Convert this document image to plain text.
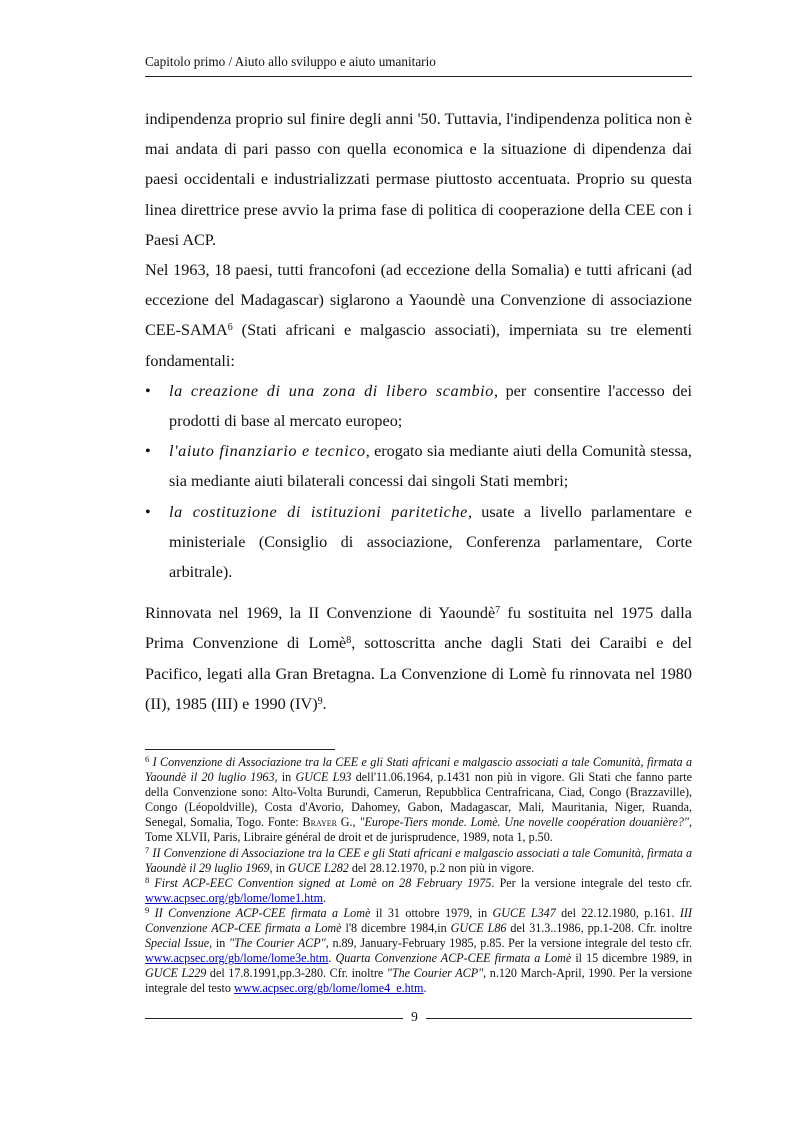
Capitolo primo / Aiuto allo sviluppo e aiuto umanitario

indipendenza proprio sul finire degli anni '50. Tuttavia, l'indipendenza politica non è mai andata di pari passo con quella economica e la situazione di dipendenza dai paesi occidentali e industrializzati permase piuttosto accentuata. Proprio su questa linea direttrice prese avvio la prima fase di politica di cooperazione della CEE con i Paesi ACP.

Nel 1963, 18 paesi, tutti francofoni (ad eccezione della Somalia) e tutti africani (ad eccezione del Madagascar) siglarono a Yaoundè una Convenzione di associazione CEE-SAMA$^6$ (Stati africani e malgascio associati), imperniata su tre elementi fondamentali:

• la creazione di una zona di libero scambio, per consentire l'accesso dei prodotti di base al mercato europeo;
• l'aiuto finanziario e tecnico, erogato sia mediante aiuti della Comunità stessa, sia mediante aiuti bilaterali concessi dai singoli Stati membri;
• la costituzione di istituzioni paritetiche, usate a livello parlamentare e ministeriale (Consiglio di associazione, Conferenza parlamentare, Corte arbitrale).

Rinnovata nel 1969, la II Convenzione di Yaoundè$^7$ fu sostituita nel 1975 dalla Prima Convenzione di Lomè$^8$, sottoscritta anche dagli Stati dei Caraibi e del Pacifico, legati alla Gran Bretagna. La Convenzione di Lomè fu rinnovata nel 1980 (II), 1985 (III) e 1990 (IV)$^9$.

$^6$ I Convenzione di Associazione tra la CEE e gli Stati africani e malgascio associati a tale Comunità, firmata a Yaoundè il 20 luglio 1963, in GUCE L93 dell'11.06.1964, p.1431 non più in vigore. Gli Stati che fanno parte della Convenzione sono: Alto-Volta Burundi, Camerun, Repubblica Centrafricana, Ciad, Congo (Brazzaville), Congo (Léopoldville), Costa d'Avorio, Dahomey, Gabon, Madagascar, Mali, Mauritania, Niger, Ruanda, Senegal, Somalia, Togo. Fonte: Brayer G., "Europe-Tiers monde. Lomè. Une novelle coopération douanière?", Tome XLVII, Paris, Libraire général de droit et de jurisprudence, 1989, nota 1, p.50.

$^7$ II Convenzione di Associazione tra la CEE e gli Stati africani e malgascio associati a tale Comunità, firmata a Yaoundè il 29 luglio 1969, in GUCE L282 del 28.12.1970, p.2 non più in vigore.

$^8$ First ACP-EEC Convention signed at Lomè on 28 February 1975. Per la versione integrale del testo cfr. www.acpsec.org/gb/lome/lome1.htm.

$^9$ II Convenzione ACP-CEE firmata a Lomè il 31 ottobre 1979, in GUCE L347 del 22.12.1980, p.161. III Convenzione ACP-CEE firmata a Lomè l'8 dicembre 1984,in GUCE L86 del 31.3..1986, pp.1-208. Cfr. inoltre Special Issue, in "The Courier ACP", n.89, January-February 1985, p.85. Per la versione integrale del testo cfr. www.acpsec.org/gb/lome/lome3e.htm. Quarta Convenzione ACP-CEE firmata a Lomè il 15 dicembre 1989, in GUCE L229 del 17.8.1991,pp.3-280. Cfr. inoltre "The Courier ACP", n.120 March-April, 1990. Per la versione integrale del testo www.acpsec.org/gb/lome/lome4_e.htm.

9
